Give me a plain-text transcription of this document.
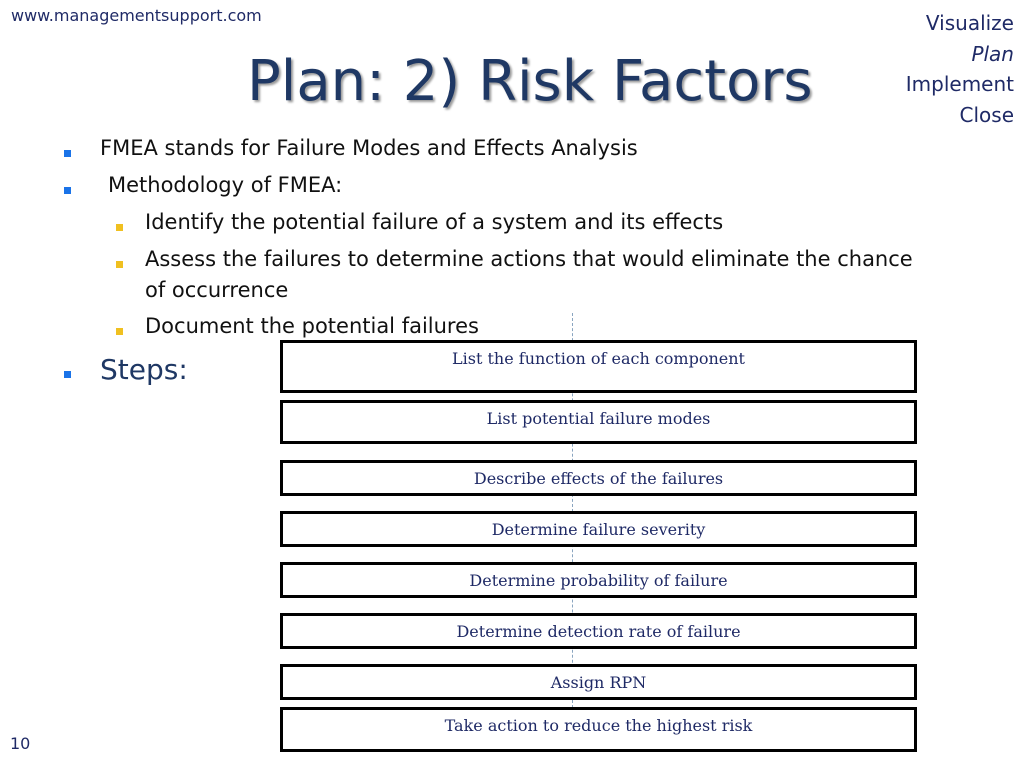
www.managementsupport.com	Visualize
Plan
Implement
Close
Plan: 2) Risk Factors
FMEA stands for Failure Modes and Effects Analysis
Methodology of FMEA:
Identify the potential failure of a system and its effects
Assess the failures to determine actions that would eliminate the chance
of occurrence
Document the potential failures
Steps:	List the function of each component
List potential failure modes
Describe effects of the failures
Determine failure severity
Determine probability of failure
Determine detection rate of failure
Assign RPN
Take action to reduce the highest risk
10
